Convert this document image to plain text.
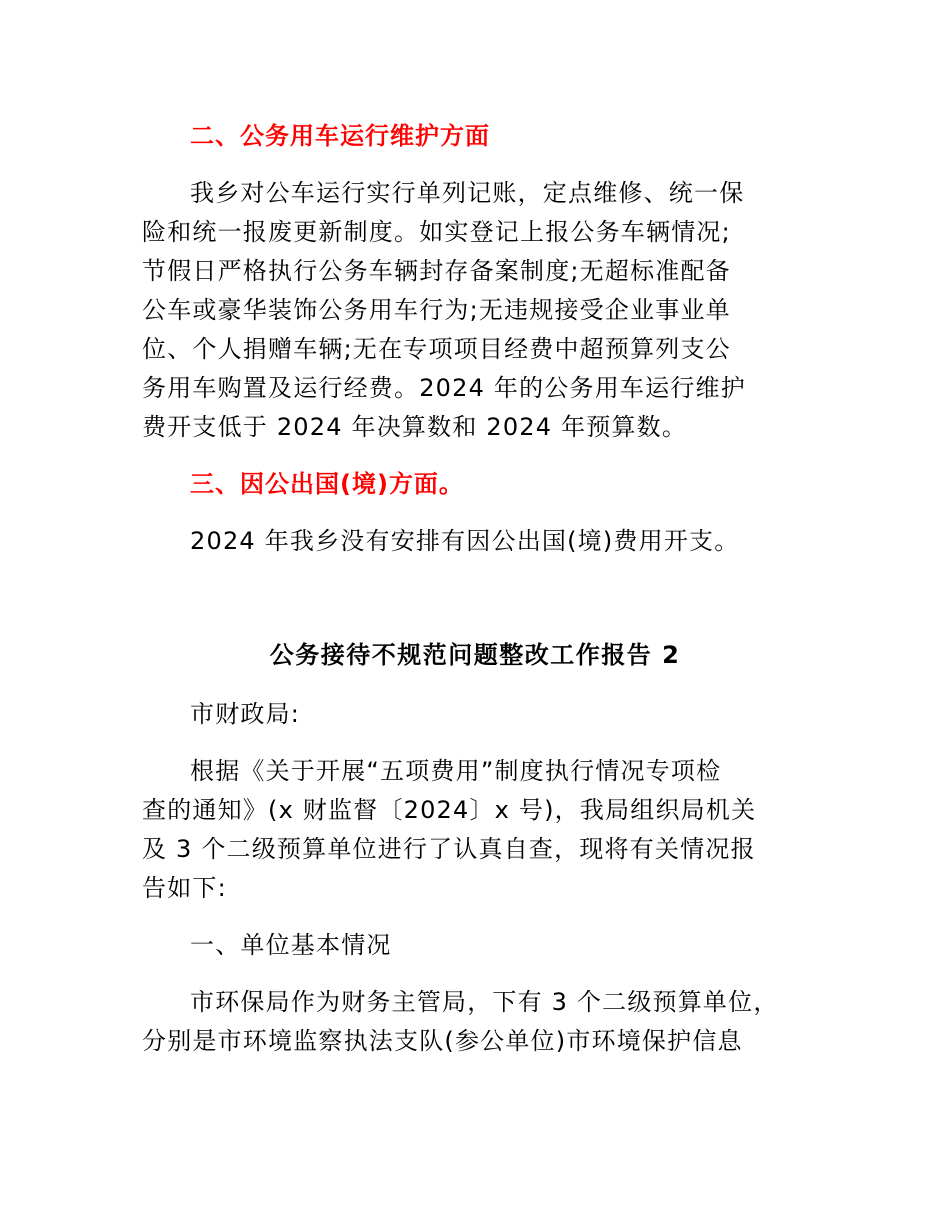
二、公务用车运行维护方面
我乡对公车运行实行单列记账，定点维修、统一保
险和统一报废更新制度。如实登记上报公务车辆情况;
节假日严格执行公务车辆封存备案制度;无超标准配备
公车或豪华装饰公务用车行为;无违规接受企业事业单
位、个人捐赠车辆;无在专项项目经费中超预算列支公
务用车购置及运行经费。2024 年的公务用车运行维护
费开支低于 2024 年决算数和 2024 年预算数。
三、因公出国(境)方面。
2024 年我乡没有安排有因公出国(境)费用开支。
公务接待不规范问题整改工作报告 2
市财政局:
根据《关于开展“五项费用”制度执行情况专项检
查的通知》(x 财监督〔2024〕x 号)，我局组织局机关
及 3 个二级预算单位进行了认真自查，现将有关情况报
告如下:
一、单位基本情况
市环保局作为财务主管局，下有 3 个二级预算单位，
分别是市环境监察执法支队(参公单位)市环境保护信息
